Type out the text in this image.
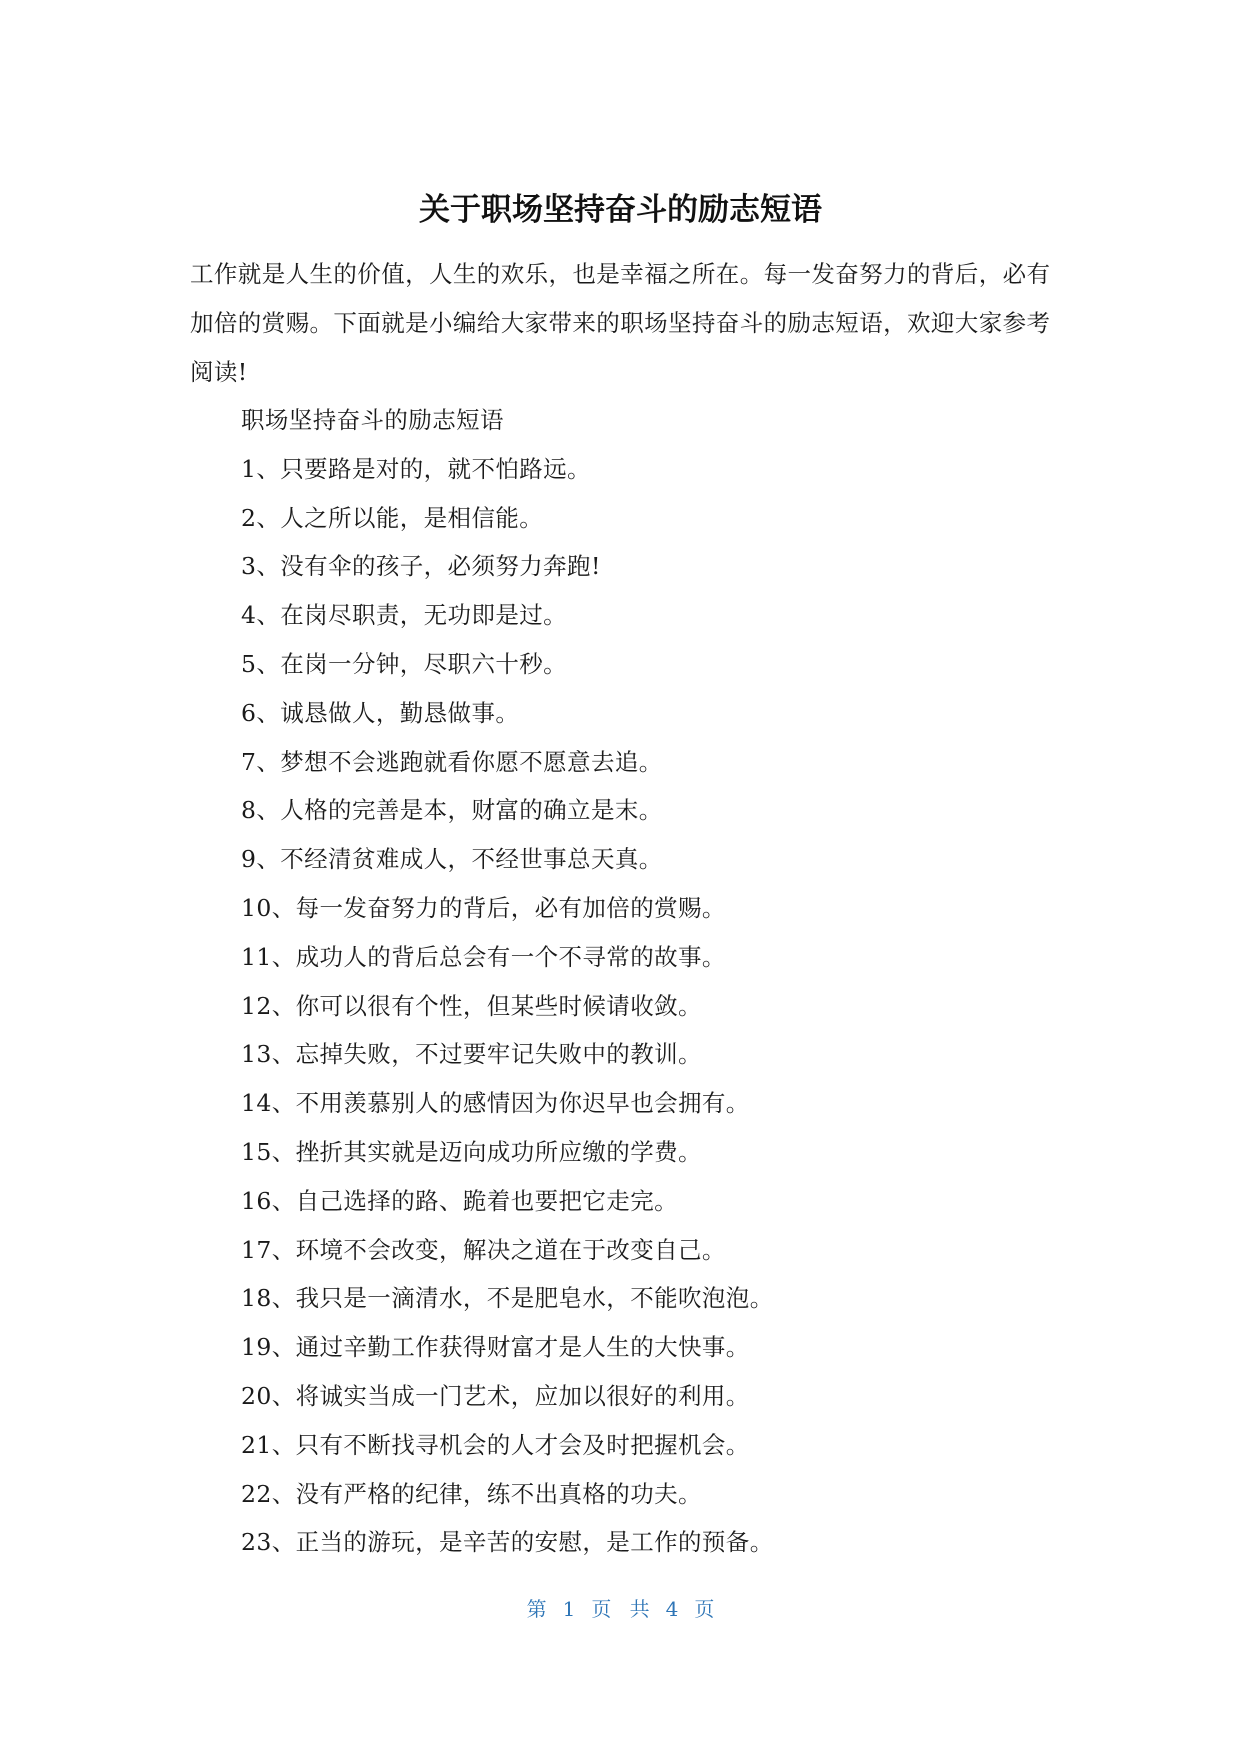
关于职场坚持奋斗的励志短语

工作就是人生的价值，人生的欢乐，也是幸福之所在。每一发奋努力的背后，必有加倍的赏赐。下面就是小编给大家带来的职场坚持奋斗的励志短语，欢迎大家参考阅读!

职场坚持奋斗的励志短语
1、只要路是对的，就不怕路远。
2、人之所以能，是相信能。
3、没有伞的孩子，必须努力奔跑!
4、在岗尽职责，无功即是过。
5、在岗一分钟，尽职六十秒。
6、诚恳做人，勤恳做事。
7、梦想不会逃跑就看你愿不愿意去追。
8、人格的完善是本，财富的确立是末。
9、不经清贫难成人，不经世事总天真。
10、每一发奋努力的背后，必有加倍的赏赐。
11、成功人的背后总会有一个不寻常的故事。
12、你可以很有个性，但某些时候请收敛。
13、忘掉失败，不过要牢记失败中的教训。
14、不用羡慕别人的感情因为你迟早也会拥有。
15、挫折其实就是迈向成功所应缴的学费。
16、自己选择的路、跪着也要把它走完。
17、环境不会改变，解决之道在于改变自己。
18、我只是一滴清水，不是肥皂水，不能吹泡泡。
19、通过辛勤工作获得财富才是人生的大快事。
20、将诚实当成一门艺术，应加以很好的利用。
21、只有不断找寻机会的人才会及时把握机会。
22、没有严格的纪律，练不出真格的功夫。
23、正当的游玩，是辛苦的安慰，是工作的预备。
第 1 页 共 4 页
